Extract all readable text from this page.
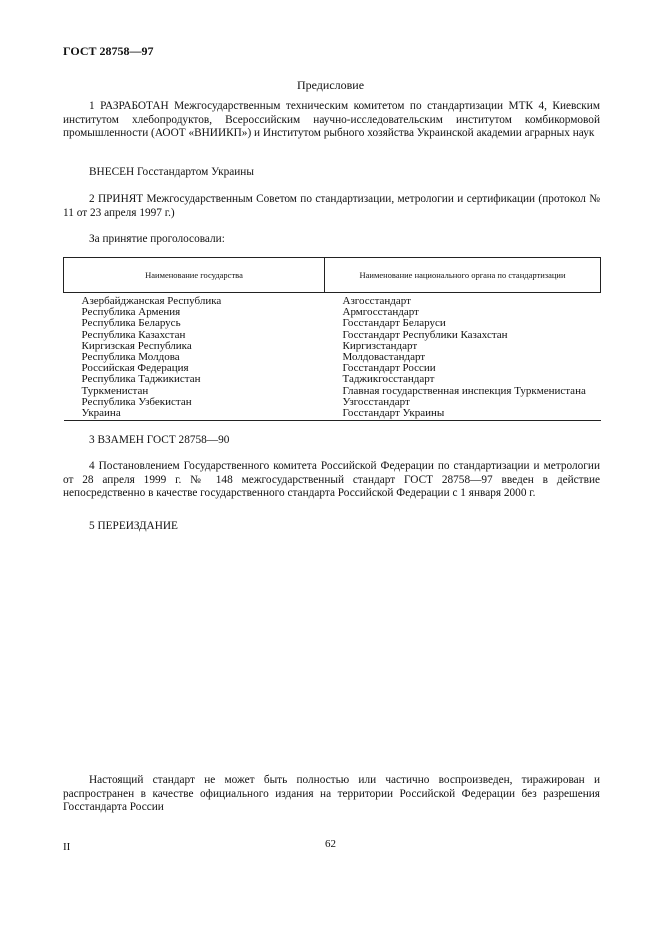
ГОСТ 28758—97
Предисловие

1 РАЗРАБОТАН Межгосударственным техническим комитетом по стандартизации МТК 4, Киевским институтом хлебопродуктов, Всероссийским научно-исследовательским институтом комбикормовой промышленности (АООТ «ВНИИКП») и Институтом рыбного хозяйства Украинской академии аграрных наук

ВНЕСЕН Госстандартом Украины

2 ПРИНЯТ Межгосударственным Советом по стандартизации, метрологии и сертификации (протокол № 11 от 23 апреля 1997 г.)

За принятие проголосовали:

Наименование государства	Наименование национального органа по стандартизации
Азербайджанская Республика	Азгосстандарт
Республика Армения	Армгосстандарт
Республика Беларусь	Госстандарт Беларуси
Республика Казахстан	Госстандарт Республики Казахстан
Киргизская Республика	Киргизстандарт
Республика Молдова	Молдовастандарт
Российская Федерация	Госстандарт России
Республика Таджикистан	Таджикгосстандарт
Туркменистан	Главная государственная инспекция Туркменистана
Республика Узбекистан	Узгосстандарт
Украина	Госстандарт Украины

3 ВЗАМЕН ГОСТ 28758—90

4 Постановлением Государственного комитета Российской Федерации по стандартизации и метрологии от 28 апреля 1999 г. № 148 межгосударственный стандарт ГОСТ 28758—97 введен в действие непосредственно в качестве государственного стандарта Российской Федерации с 1 января 2000 г.

5 ПЕРЕИЗДАНИЕ

Настоящий стандарт не может быть полностью или частично воспроизведен, тиражирован и распространен в качестве официального издания на территории Российской Федерации без разрешения Госстандарта России

II	62
